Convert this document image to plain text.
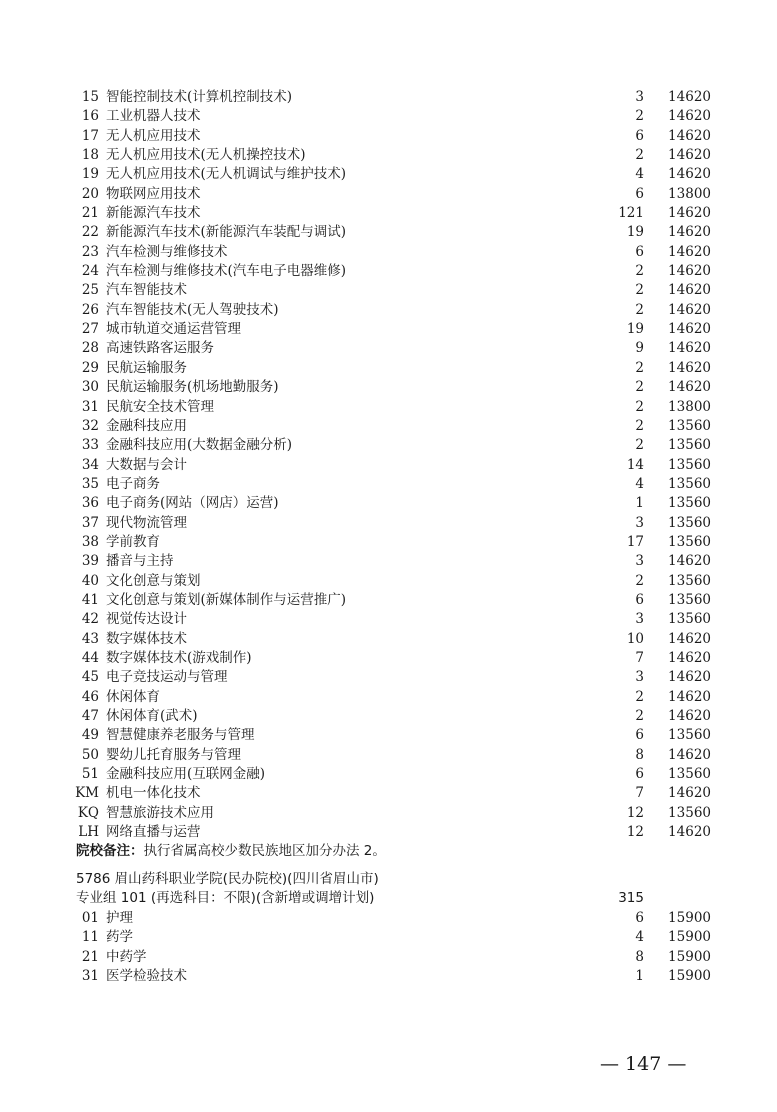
15 智能控制技术(计算机控制技术)	3 14620
16 工业机器人技术	2 14620
17 无人机应用技术	6 14620
18 无人机应用技术(无人机操控技术)	2 14620
19 无人机应用技术(无人机调试与维护技术)	4 14620
20 物联网应用技术	6 13800
21 新能源汽车技术	121 14620
22 新能源汽车技术(新能源汽车装配与调试)	19 14620
23 汽车检测与维修技术	6 14620
24 汽车检测与维修技术(汽车电子电器维修)	2 14620
25 汽车智能技术	2 14620
26 汽车智能技术(无人驾驶技术)	2 14620
27 城市轨道交通运营管理	19 14620
28 高速铁路客运服务	9 14620
29 民航运输服务	2 14620
30 民航运输服务(机场地勤服务)	2 14620
31 民航安全技术管理	2 13800
32 金融科技应用	2 13560
33 金融科技应用(大数据金融分析)	2 13560
34 大数据与会计	14 13560
35 电子商务	4 13560
36 电子商务(网站（网店）运营)	1 13560
37 现代物流管理	3 13560
38 学前教育	17 13560
39 播音与主持	3 14620
40 文化创意与策划	2 13560
41 文化创意与策划(新媒体制作与运营推广)	6 13560
42 视觉传达设计	3 13560
43 数字媒体技术	10 14620
44 数字媒体技术(游戏制作)	7 14620
45 电子竞技运动与管理	3 14620
46 休闲体育	2 14620
47 休闲体育(武术)	2 14620
49 智慧健康养老服务与管理	6 13560
50 婴幼儿托育服务与管理	8 14620
51 金融科技应用(互联网金融)	6 13560
KM 机电一体化技术	7 14620
KQ 智慧旅游技术应用	12 13560
LH 网络直播与运营	12 14620
院校备注：执行省属高校少数民族地区加分办法 2。
5786 眉山药科职业学院(民办院校)(四川省眉山市)
专业组 101 (再选科目：不限)(含新增或调增计划)	315
01 护理	6 15900
11 药学	4 15900
21 中药学	8 15900
31 医学检验技术	1 15900
— 147 —
